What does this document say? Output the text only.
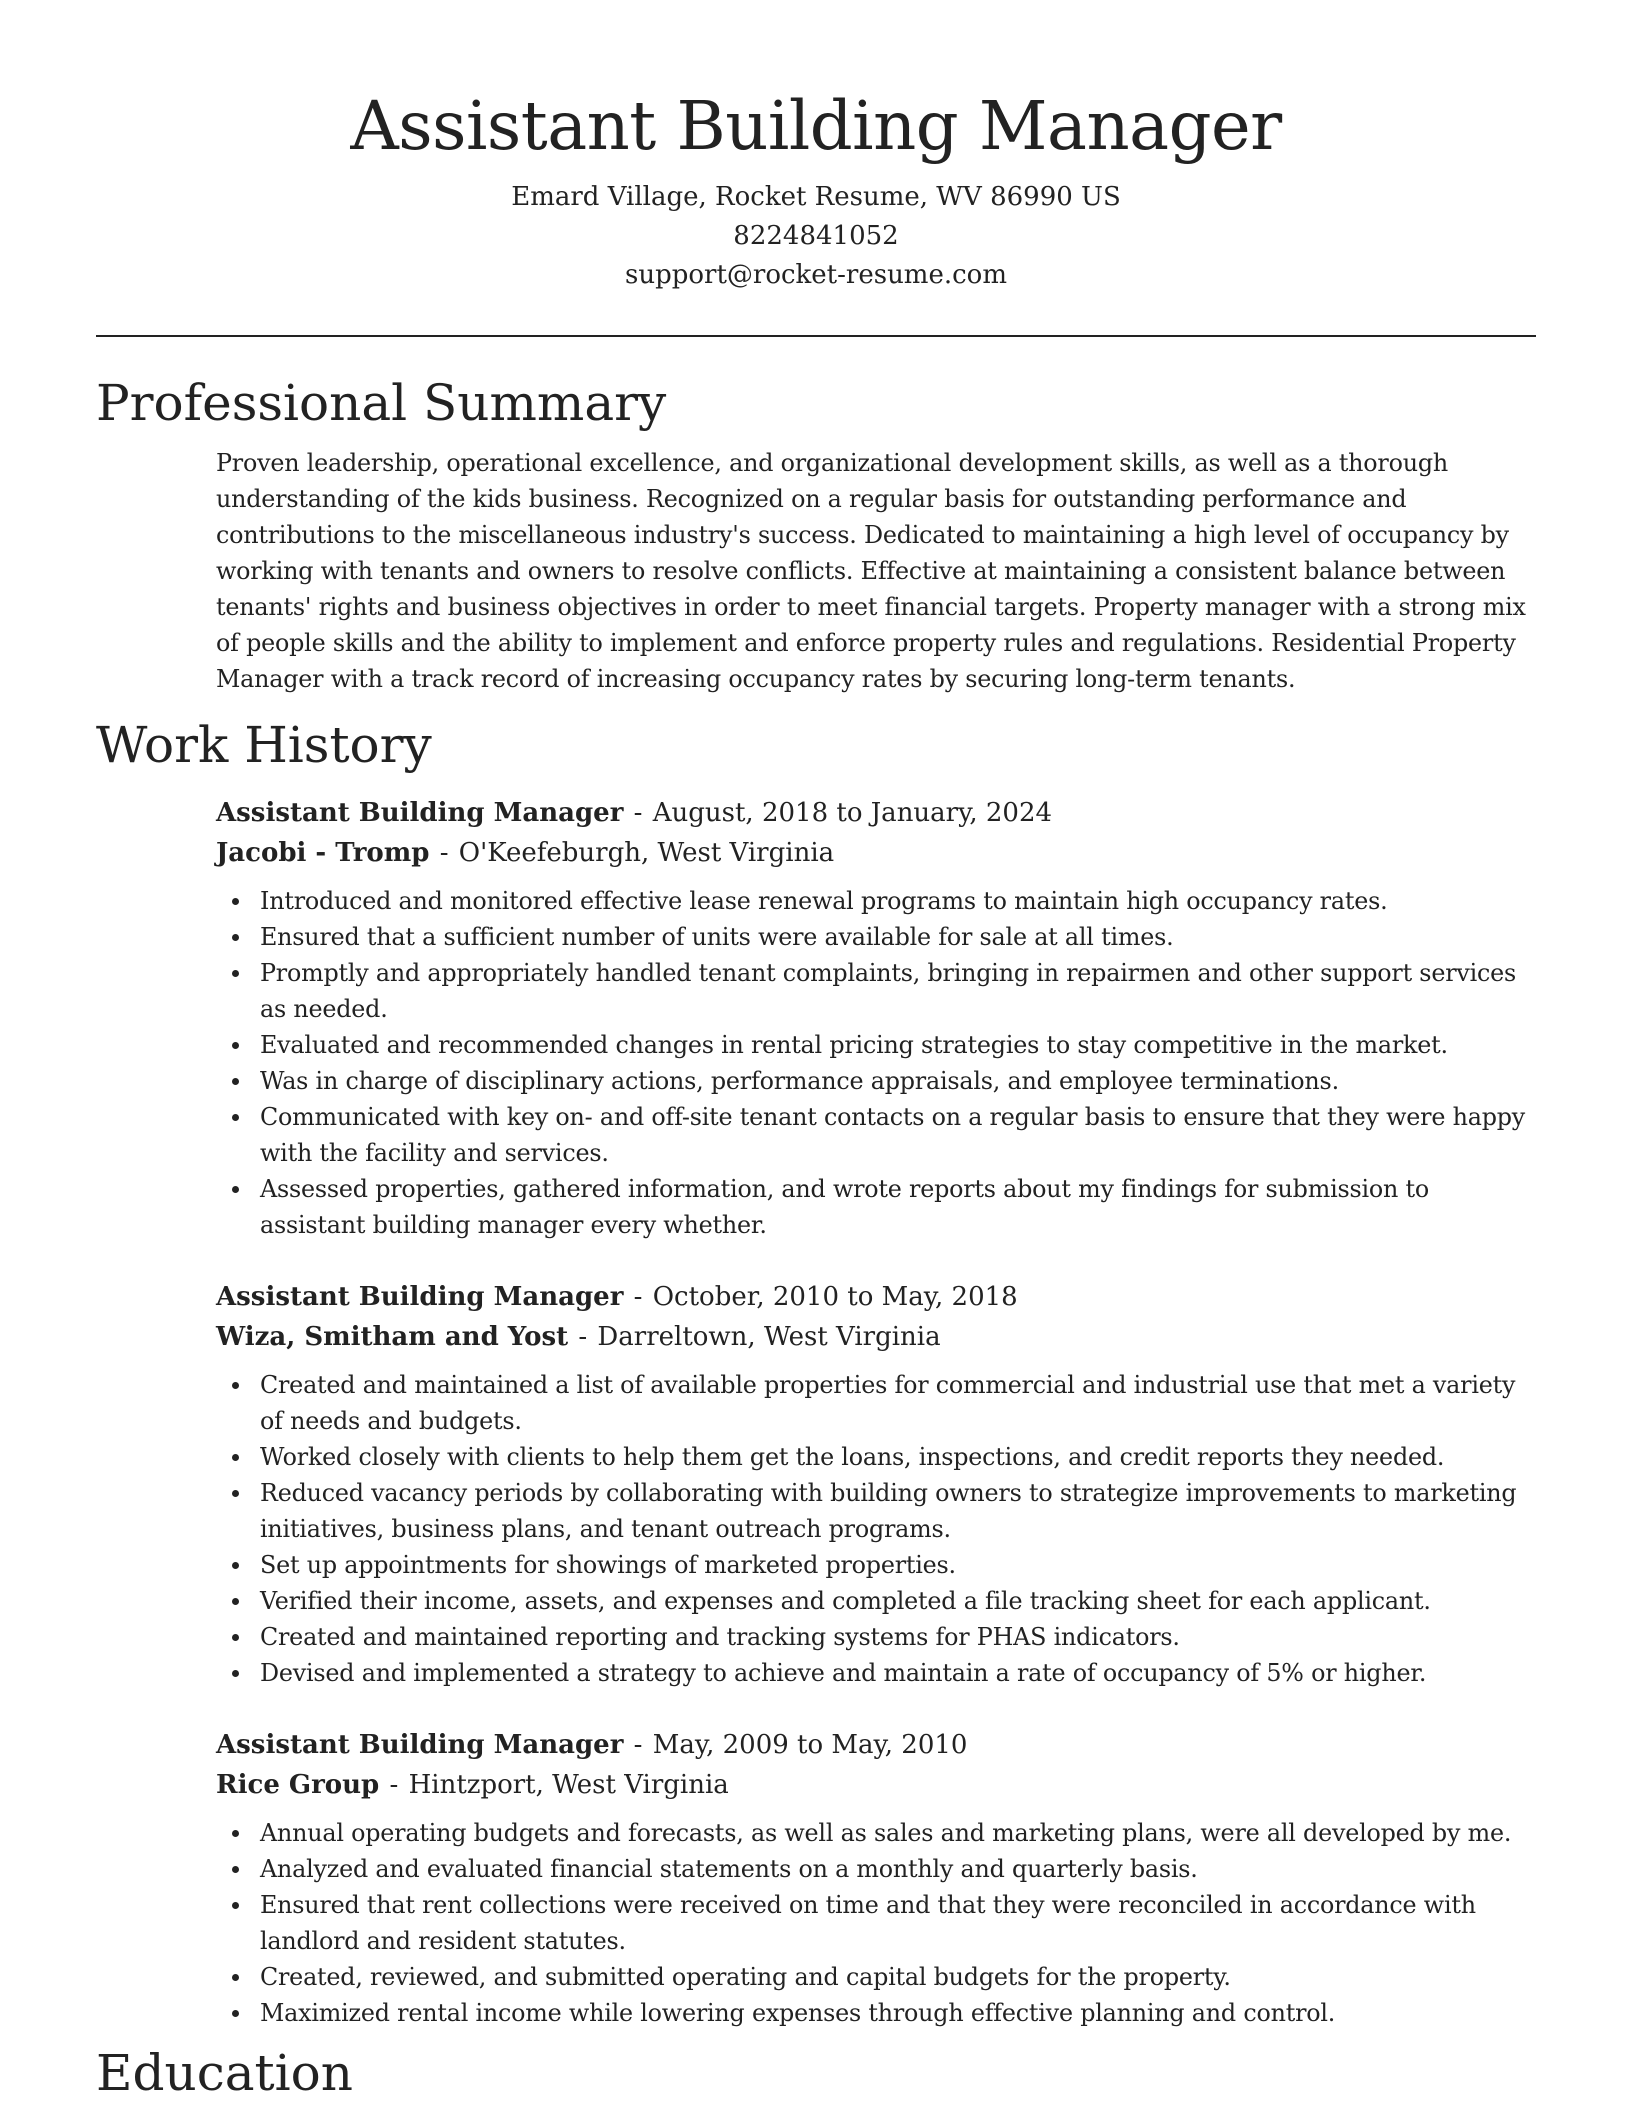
Assistant Building Manager
Emard Village, Rocket Resume, WV 86990 US
8224841052
support@rocket-resume.com
Professional Summary

Proven leadership, operational excellence, and organizational development skills, as well as a thorough understanding of the kids business. Recognized on a regular basis for outstanding performance and contributions to the miscellaneous industry's success. Dedicated to maintaining a high level of occupancy by working with tenants and owners to resolve conflicts. Effective at maintaining a consistent balance between tenants' rights and business objectives in order to meet financial targets. Property manager with a strong mix of people skills and the ability to implement and enforce property rules and regulations. Residential Property Manager with a track record of increasing occupancy rates by securing long-term tenants.

Work History
Assistant Building Manager - August, 2018 to January, 2024
Jacobi - Tromp - O'Keefeburgh, West Virginia
Introduced and monitored effective lease renewal programs to maintain high occupancy rates.
Ensured that a sufficient number of units were available for sale at all times.
Promptly and appropriately handled tenant complaints, bringing in repairmen and other support services as needed.
Evaluated and recommended changes in rental pricing strategies to stay competitive in the market.
Was in charge of disciplinary actions, performance appraisals, and employee terminations.
Communicated with key on- and off-site tenant contacts on a regular basis to ensure that they were happy with the facility and services.
Assessed properties, gathered information, and wrote reports about my findings for submission to assistant building manager every whether.
Assistant Building Manager - October, 2010 to May, 2018
Wiza, Smitham and Yost - Darreltown, West Virginia
Created and maintained a list of available properties for commercial and industrial use that met a variety of needs and budgets.
Worked closely with clients to help them get the loans, inspections, and credit reports they needed.
Reduced vacancy periods by collaborating with building owners to strategize improvements to marketing initiatives, business plans, and tenant outreach programs.
Set up appointments for showings of marketed properties.
Verified their income, assets, and expenses and completed a file tracking sheet for each applicant.
Created and maintained reporting and tracking systems for PHAS indicators.
Devised and implemented a strategy to achieve and maintain a rate of occupancy of 5% or higher.
Assistant Building Manager - May, 2009 to May, 2010
Rice Group - Hintzport, West Virginia
Annual operating budgets and forecasts, as well as sales and marketing plans, were all developed by me.
Analyzed and evaluated financial statements on a monthly and quarterly basis.
Ensured that rent collections were received on time and that they were reconciled in accordance with landlord and resident statutes.
Created, reviewed, and submitted operating and capital budgets for the property.
Maximized rental income while lowering expenses through effective planning and control.
Education
